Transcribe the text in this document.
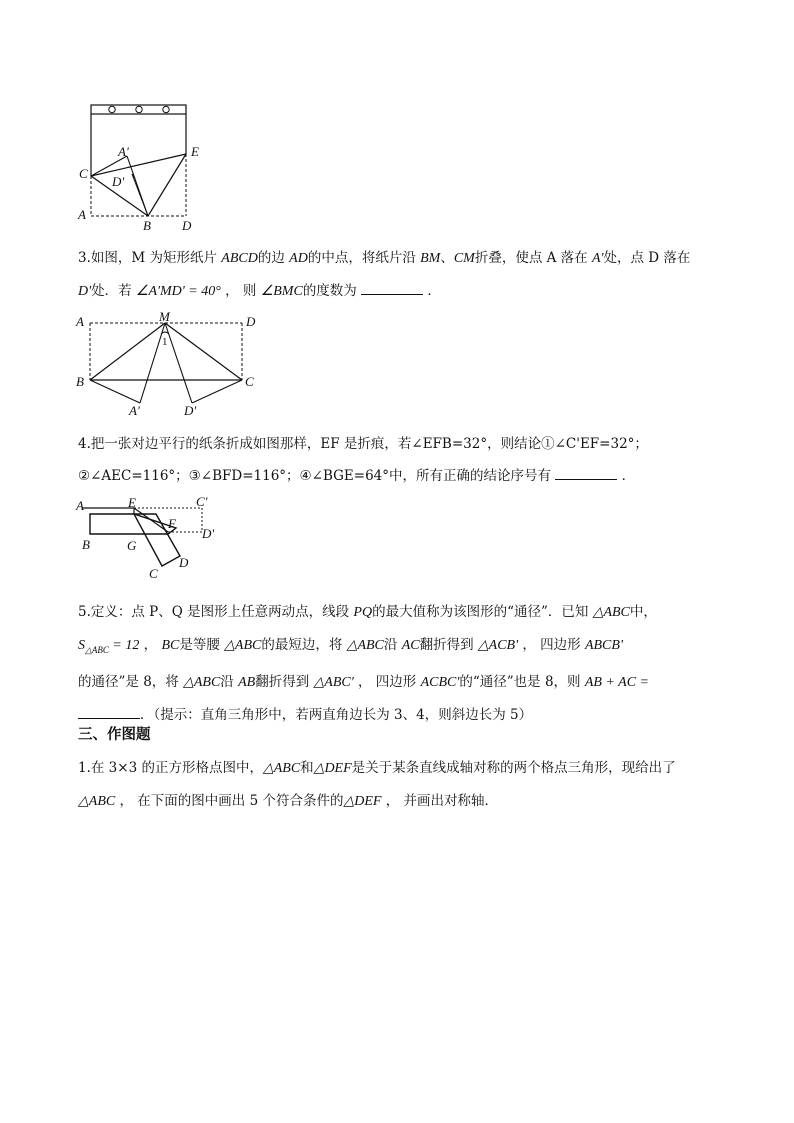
C
A'
D'
E
A
B D

3.如图，M 为矩形纸片 ABCD的边 AD的中点，将纸片沿 BM、CM折叠，使点 A 落在 A'处，点 D 落在 D'处．若 ∠A'MD' = 40° ， 则 ∠BMC的度数为	．

A	M	D
1
B	C
A'	D'

4.把一张对边平行的纸条折成如图那样，EF 是折痕，若∠EFB=32°，则结论①∠C'EF=32°；
②∠AEC=116°；③∠BFD=116°；④∠BGE=64°中，所有正确的结论序号有	．

A	E	C'
F
D'
B	G
C
D

5.定义：点 P、Q 是图形上任意两动点，线段 PQ的最大值称为该图形的“通径”．已知 △ABC中，
$S_{\triangle ABC} = 12$ ， BC是等腰 △ABC的最短边，将 △ABC沿 AC翻折得到 △ACB' ， 四边形 ABCB'
的通径”是 8，将 △ABC沿 AB翻折得到 △ABC' ， 四边形 ACBC'的“通径”也是 8，则 AB + AC =
．（提示：直角三角形中，若两直角边长为 3、4，则斜边长为 5）

三、作图题

1.在 3×3 的正方形格点图中，△ABC和△DEF是关于某条直线成轴对称的两个格点三角形，现给出了
△ABC ， 在下面的图中画出 5 个符合条件的△DEF ， 并画出对称轴．
